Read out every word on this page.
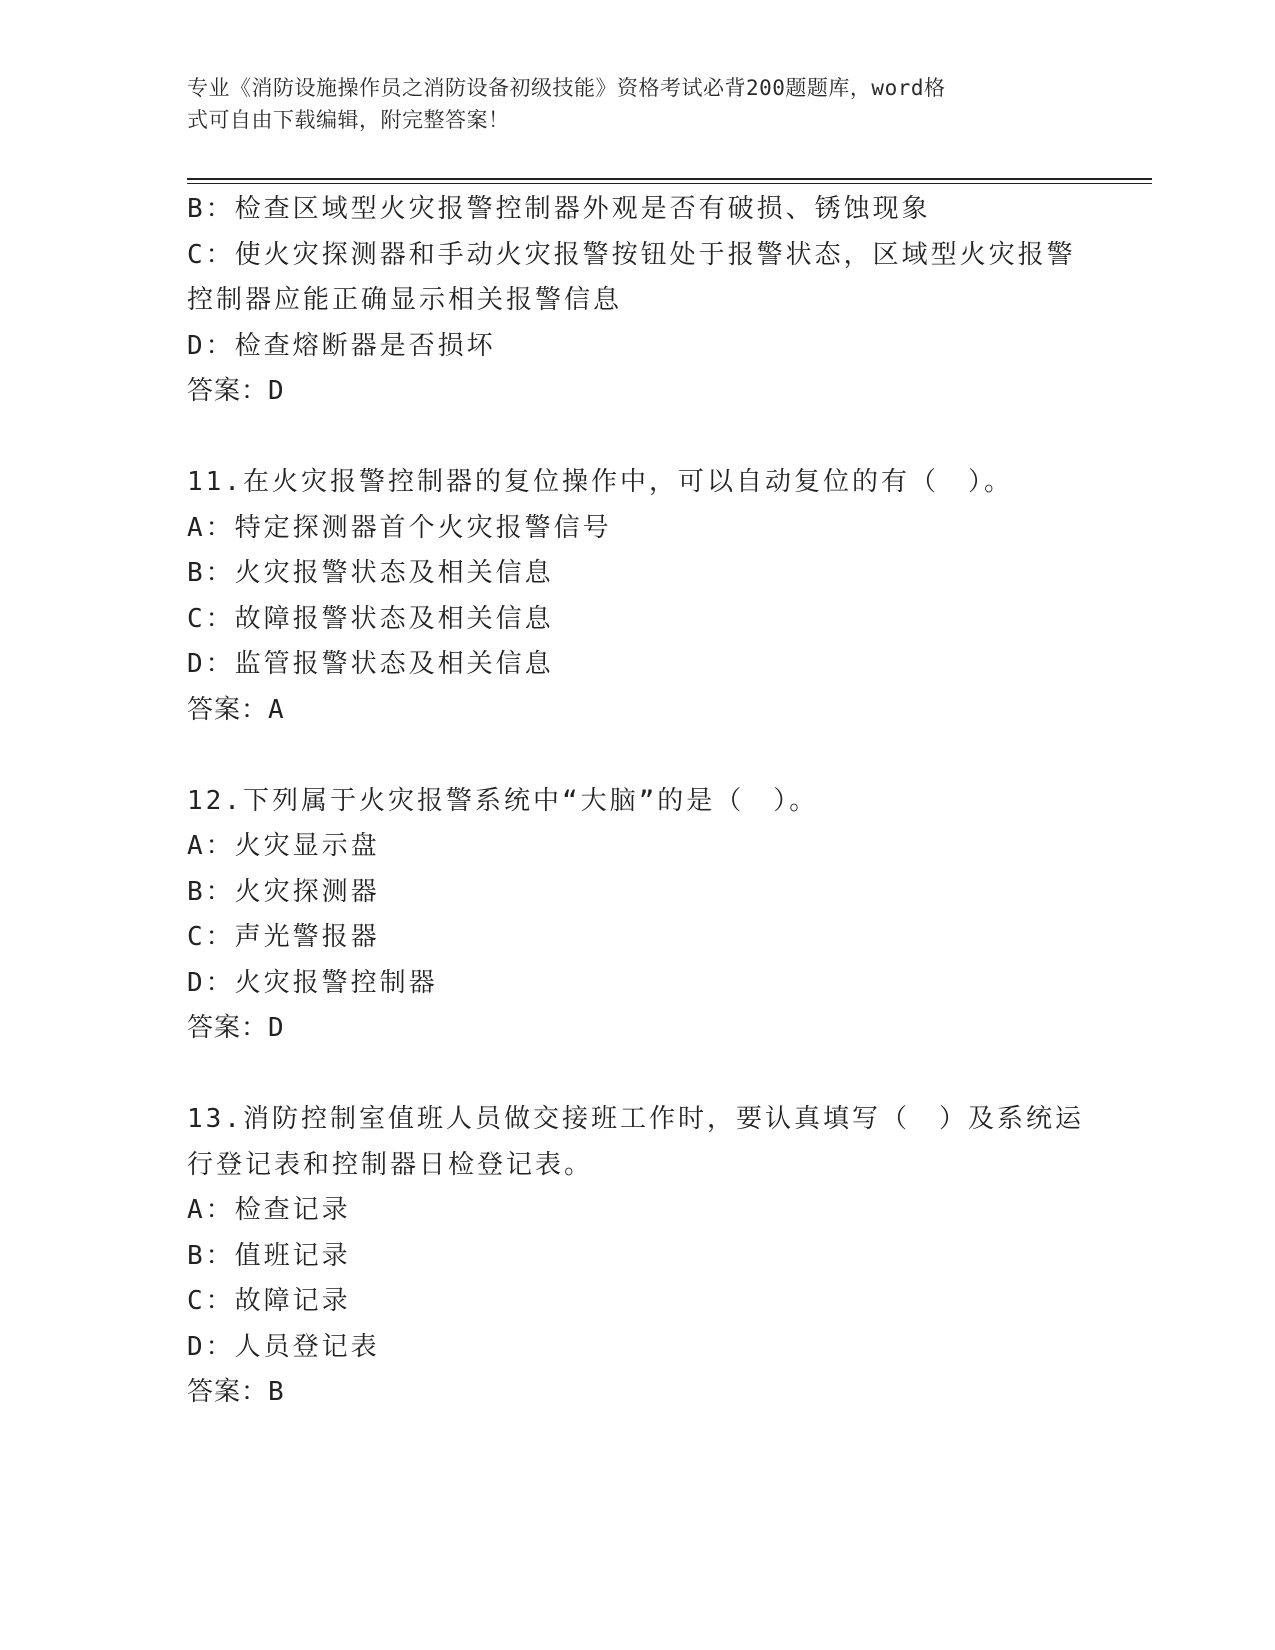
专业《消防设施操作员之消防设备初级技能》资格考试必背200题题库，word格
式可自由下载编辑，附完整答案！
B：检查区域型火灾报警控制器外观是否有破损、锈蚀现象
C：使火灾探测器和手动火灾报警按钮处于报警状态，区域型火灾报警
控制器应能正确显示相关报警信息
D：检查熔断器是否损坏
答案：D
11.在火灾报警控制器的复位操作中，可以自动复位的有（　）。
A：特定探测器首个火灾报警信号
B：火灾报警状态及相关信息
C：故障报警状态及相关信息
D：监管报警状态及相关信息
答案：A
12.下列属于火灾报警系统中“大脑”的是（　）。
A：火灾显示盘
B：火灾探测器
C：声光警报器
D：火灾报警控制器
答案：D
13.消防控制室值班人员做交接班工作时，要认真填写（　）及系统运
行登记表和控制器日检登记表。
A：检查记录
B：值班记录
C：故障记录
D：人员登记表
答案：B
